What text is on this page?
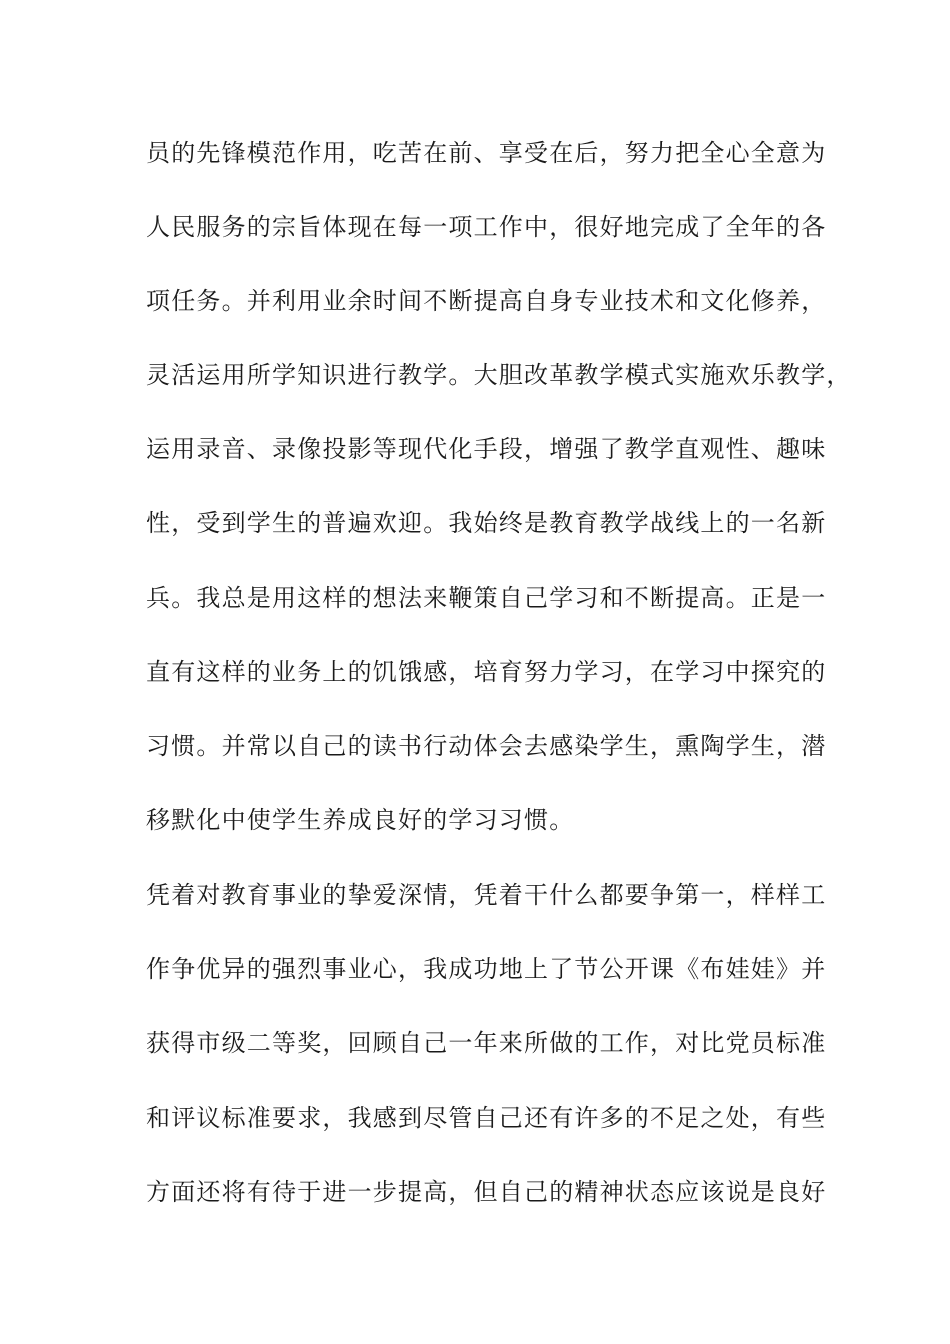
员的先锋模范作用，吃苦在前、享受在后，努力把全心全意为
人民服务的宗旨体现在每一项工作中，很好地完成了全年的各
项任务。并利用业余时间不断提高自身专业技术和文化修养，
灵活运用所学知识进行教学。大胆改革教学模式实施欢乐教学，
运用录音、录像投影等现代化手段，增强了教学直观性、趣味
性，受到学生的普遍欢迎。我始终是教育教学战线上的一名新
兵。我总是用这样的想法来鞭策自己学习和不断提高。正是一
直有这样的业务上的饥饿感，培育努力学习，在学习中探究的
习惯。并常以自己的读书行动体会去感染学生，熏陶学生，潜
移默化中使学生养成良好的学习习惯。
凭着对教育事业的挚爱深情，凭着干什么都要争第一，样样工
作争优异的强烈事业心，我成功地上了节公开课《布娃娃》并
获得市级二等奖，回顾自己一年来所做的工作，对比党员标准
和评议标准要求，我感到尽管自己还有许多的不足之处，有些
方面还将有待于进一步提高，但自己的精神状态应该说是良好
